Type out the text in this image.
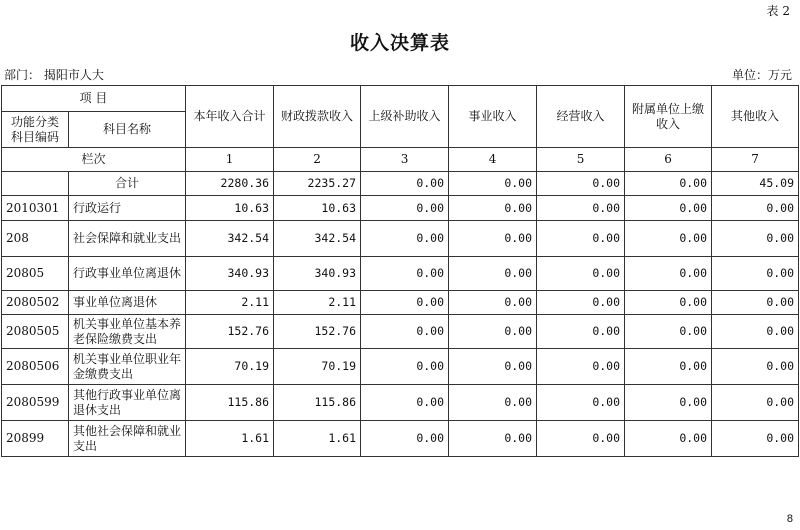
表 2
收入决算表
部门： 揭阳市人大	单位：万元
项 目		本年收入合计	财政拨款收入	上级补助收入	事业收入	经营收入	附属单位上缴收入	其他收入
功能分类
科目编码	科目名称							
栏次		1	2	3	4	5	6	7
	合计	2280.36	2235.27	0.00	0.00	0.00	0.00	45.09
2010301	行政运行	10.63	10.63	0.00	0.00	0.00	0.00	0.00
208	社会保障和就业支出	342.54	342.54	0.00	0.00	0.00	0.00	0.00
20805	行政事业单位离退休	340.93	340.93	0.00	0.00	0.00	0.00	0.00
2080502	事业单位离退休	2.11	2.11	0.00	0.00	0.00	0.00	0.00
2080505	机关事业单位基本养老保险缴费支出	152.76	152.76	0.00	0.00	0.00	0.00	0.00
2080506	机关事业单位职业年金缴费支出	70.19	70.19	0.00	0.00	0.00	0.00	0.00
2080599	其他行政事业单位离退休支出	115.86	115.86	0.00	0.00	0.00	0.00	0.00
20899	其他社会保障和就业支出	1.61	1.61	0.00	0.00	0.00	0.00	0.00
8
